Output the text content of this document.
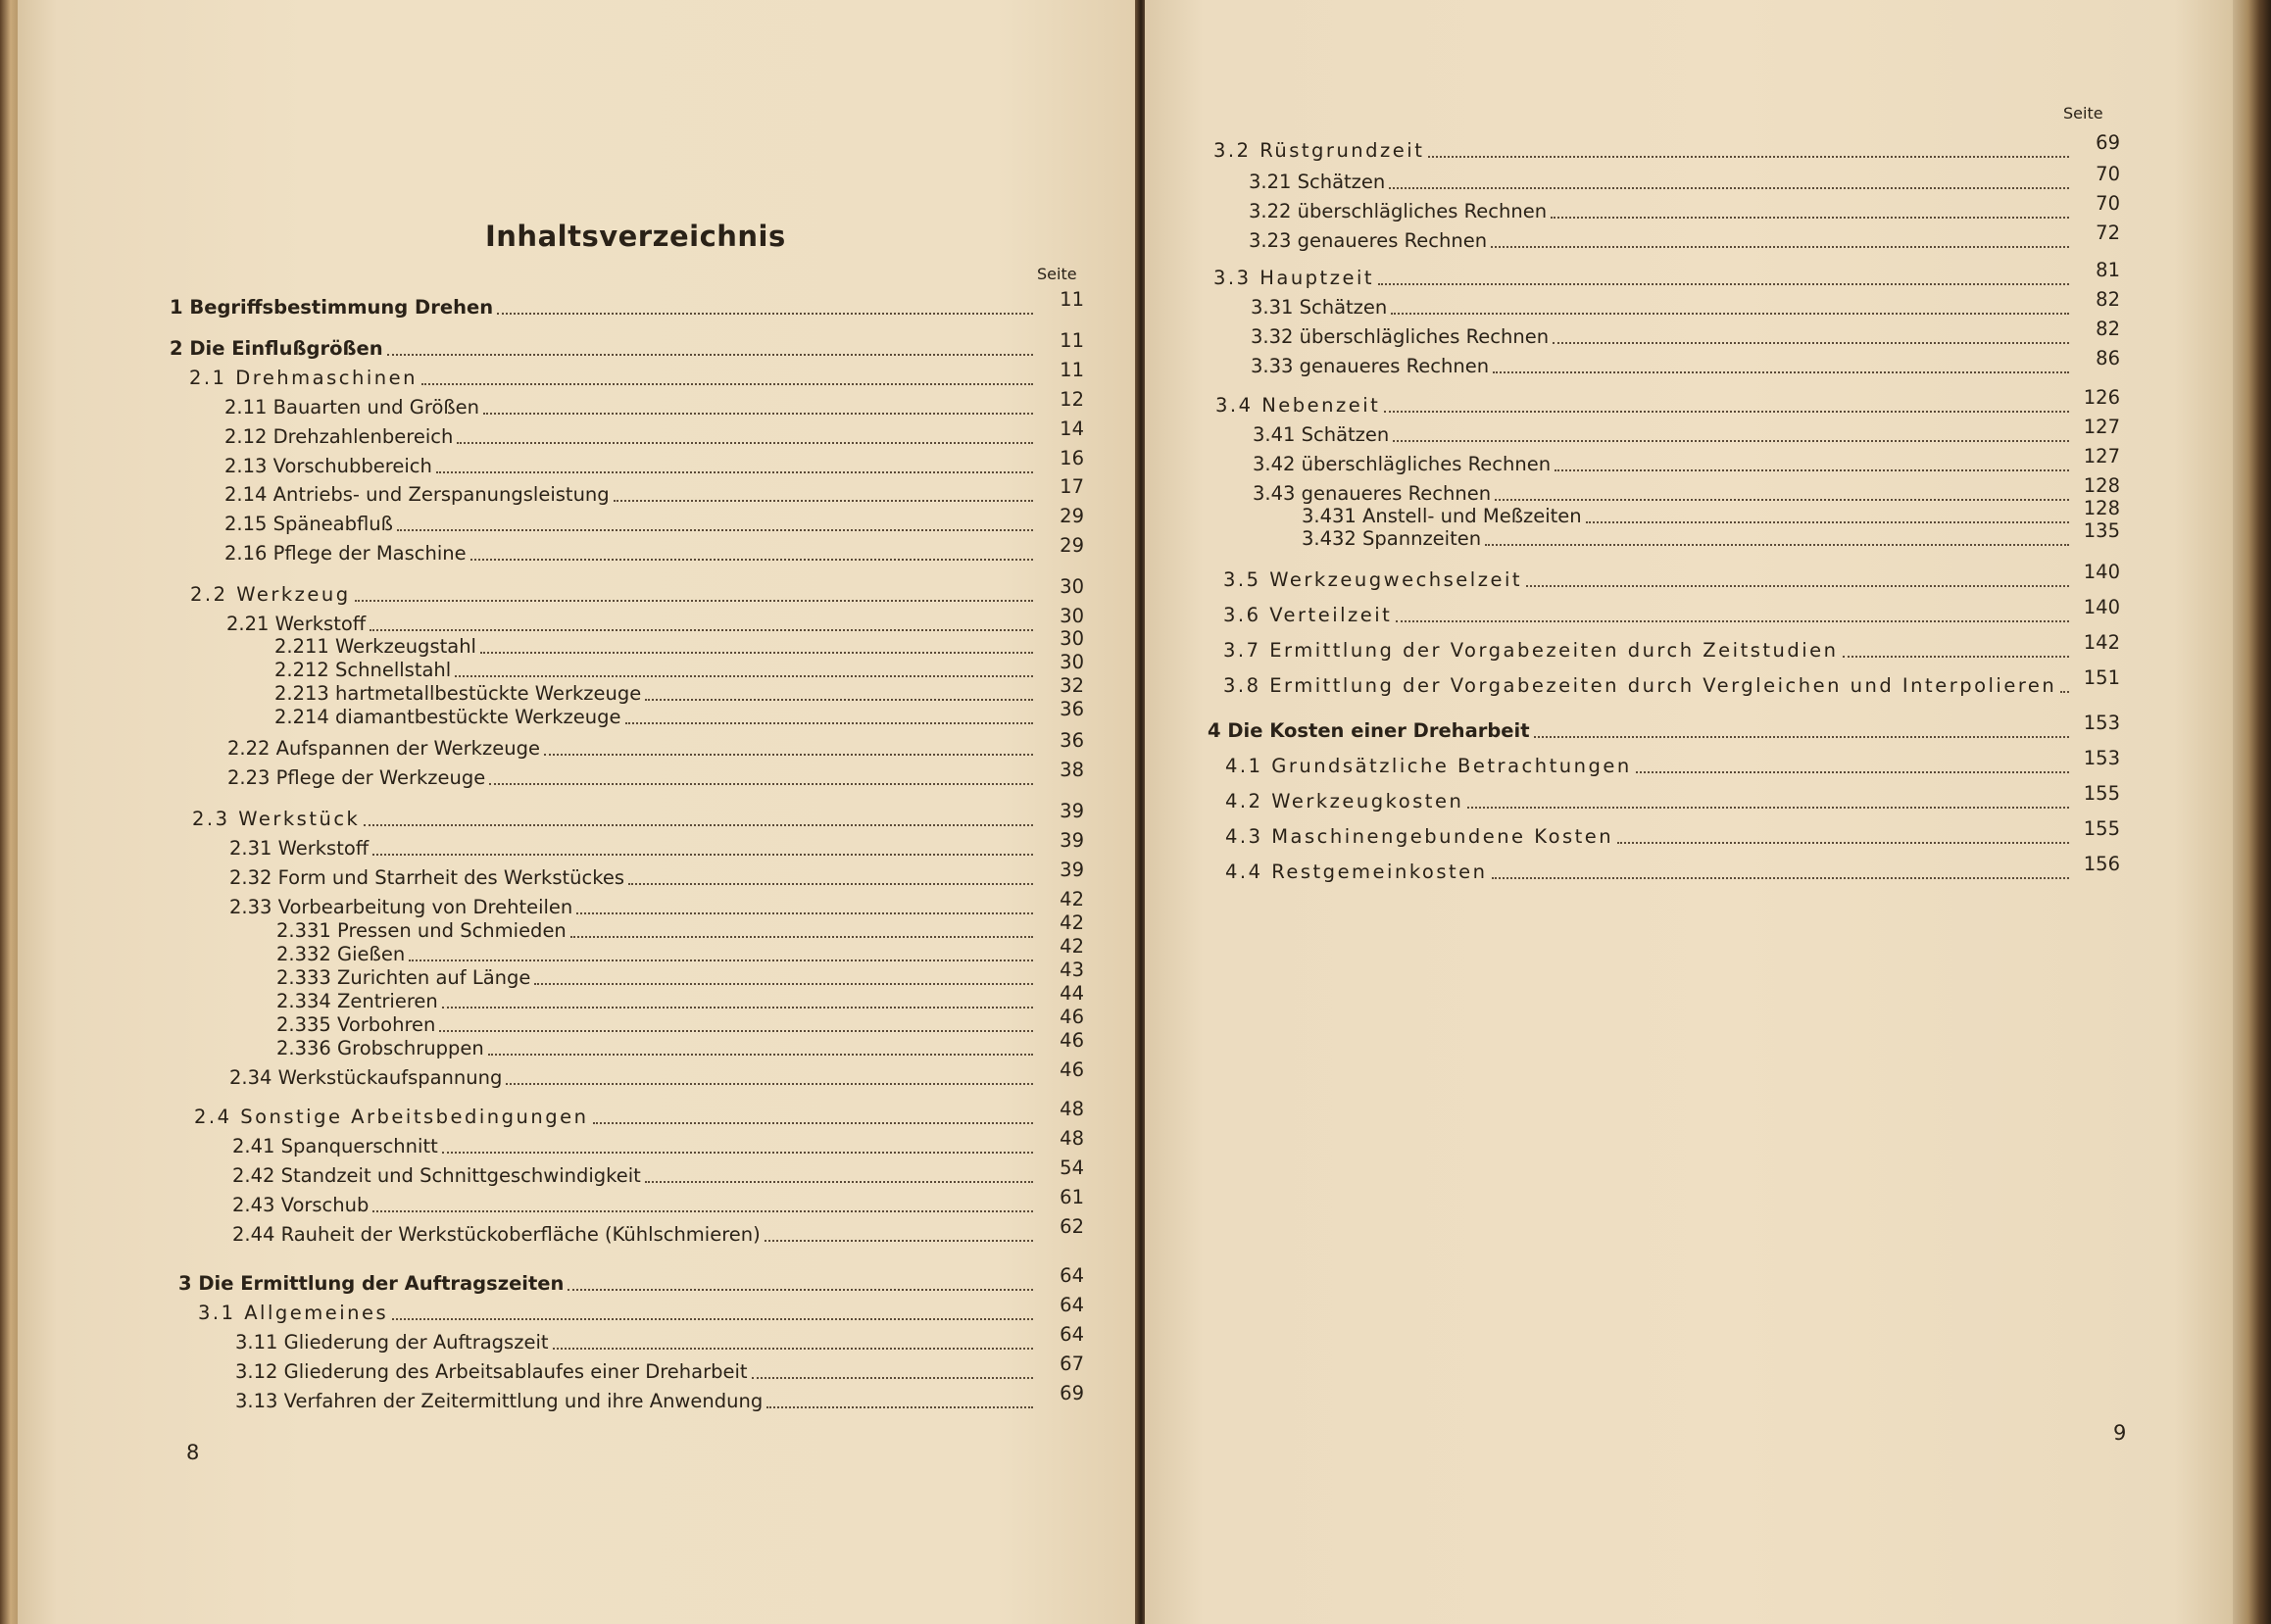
Inhaltsverzeichnis
Seite
1 Begriffsbestimmung Drehen	11
2 Die Einflußgrößen	11
2.1 Drehmaschinen	11
2.11 Bauarten und Größen	12
2.12 Drehzahlenbereich	14
2.13 Vorschubbereich	16
2.14 Antriebs- und Zerspanungsleistung	17
2.15 Späneabfluß	29
2.16 Pflege der Maschine	29
2.2 Werkzeug	30
2.21 Werkstoff	30
2.211 Werkzeugstahl	30
2.212 Schnellstahl	30
2.213 hartmetallbestückte Werkzeuge	32
2.214 diamantbestückte Werkzeuge	36
2.22 Aufspannen der Werkzeuge	36
2.23 Pflege der Werkzeuge	38
2.3 Werkstück	39
2.31 Werkstoff	39
2.32 Form und Starrheit des Werkstückes	39
2.33 Vorbearbeitung von Drehteilen	42
2.331 Pressen und Schmieden	42
2.332 Gießen	42
2.333 Zurichten auf Länge	43
2.334 Zentrieren	44
2.335 Vorbohren	46
2.336 Grobschruppen	46
2.34 Werkstückaufspannung	46
2.4 Sonstige Arbeitsbedingungen	48
2.41 Spanquerschnitt	48
2.42 Standzeit und Schnittgeschwindigkeit	54
2.43 Vorschub	61
2.44 Rauheit der Werkstückoberfläche (Kühlschmieren)	62
3 Die Ermittlung der Auftragszeiten	64
3.1 Allgemeines	64
3.11 Gliederung der Auftragszeit	64
3.12 Gliederung des Arbeitsablaufes einer Dreharbeit	67
3.13 Verfahren der Zeitermittlung und ihre Anwendung	69
8
Seite
3.2 Rüstgrundzeit	69
3.21 Schätzen	70
3.22 überschlägliches Rechnen	70
3.23 genaueres Rechnen	72
3.3 Hauptzeit	81
3.31 Schätzen	82
3.32 überschlägliches Rechnen	82
3.33 genaueres Rechnen	86
3.4 Nebenzeit	126
3.41 Schätzen	127
3.42 überschlägliches Rechnen	127
3.43 genaueres Rechnen	128
3.431 Anstell- und Meßzeiten	128
3.432 Spannzeiten	135
3.5 Werkzeugwechselzeit	140
3.6 Verteilzeit	140
3.7 Ermittlung der Vorgabezeiten durch Zeitstudien	142
3.8 Ermittlung der Vorgabezeiten durch Vergleichen und Interpolieren 151
4 Die Kosten einer Dreharbeit	153
4.1 Grundsätzliche Betrachtungen	153
4.2 Werkzeugkosten	155
4.3 Maschinengebundene Kosten	155
4.4 Restgemeinkosten	156
9
